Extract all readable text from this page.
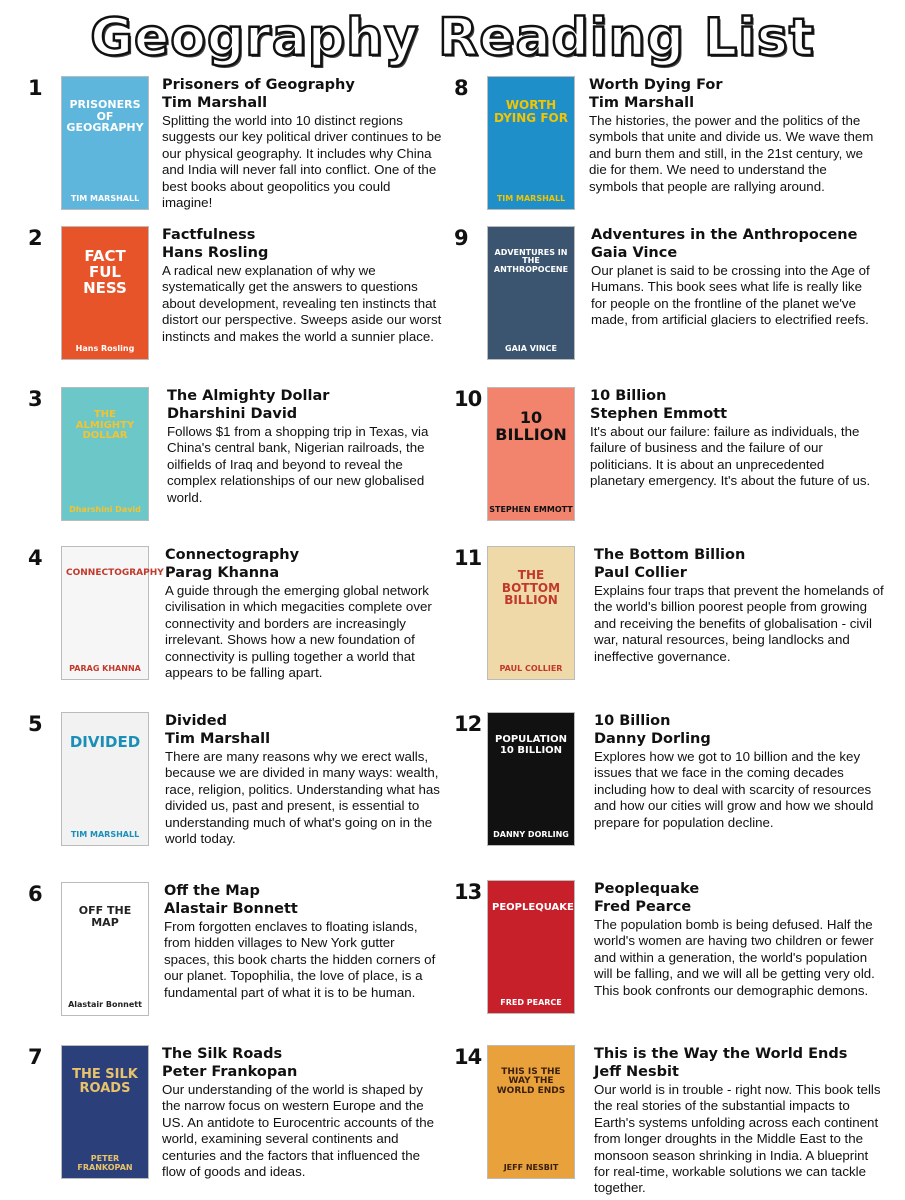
Geography Reading List
1
PRISONERS OF GEOGRAPHY
TIM MARSHALL
Prisoners of Geography
Tim Marshall
Splitting the world into 10 distinct regions suggests our key political driver continues to be our physical geography. It includes why China and India will never fall into conflict. One of the best books about geopolitics you could imagine!
2
FACT FUL NESS
Hans Rosling
Factfulness
Hans Rosling
A radical new explanation of why we systematically get the answers to questions about development, revealing ten instincts that distort our perspective. Sweeps aside our worst instincts and makes the world a sunnier place.
3
THE ALMIGHTY DOLLAR
Dharshini David
The Almighty Dollar
Dharshini David
Follows $1 from a shopping trip in Texas, via China's central bank, Nigerian railroads, the oilfields of Iraq and beyond to reveal the complex relationships of our new globalised world.
4
CONNECTOGRAPHY
PARAG KHANNA
Connectography
Parag Khanna
A guide through the emerging global network civilisation in which megacities complete over connectivity and borders are increasingly irrelevant. Shows how a new foundation of connectivity is pulling together a world that appears to be falling apart.
5
DIVIDED
TIM MARSHALL
Divided
Tim Marshall
There are many reasons why we erect walls, because we are divided in many ways: wealth, race, religion, politics. Understanding what has divided us, past and present, is essential to understanding much of what's going on in the world today.
6
OFF THE MAP
Alastair Bonnett
Off the Map
Alastair Bonnett
From forgotten enclaves to floating islands, from hidden villages to New York gutter spaces, this book charts the hidden corners of our planet. Topophilia, the love of place, is a fundamental part of what it is to be human.
7
THE SILK ROADS
PETER FRANKOPAN
The Silk Roads
Peter Frankopan
Our understanding of the world is shaped by the narrow focus on western Europe and the US. An antidote to Eurocentric accounts of the world, examining several continents and centuries and the factors that influenced the flow of goods and ideas.
8
WORTH DYING FOR
TIM MARSHALL
Worth Dying For
Tim Marshall
The histories, the power and the politics of the symbols that unite and divide us. We wave them and burn them and still, in the 21st century, we die for them. We need to understand the symbols that people are rallying around.
9
ADVENTURES IN THE ANTHROPOCENE
GAIA VINCE
Adventures in the Anthropocene
Gaia Vince
Our planet is said to be crossing into the Age of Humans. This book sees what life is really like for people on the frontline of the planet we've made, from artificial glaciers to electrified reefs.
10
10 BILLION
STEPHEN EMMOTT
10 Billion
Stephen Emmott
It's about our failure: failure as individuals, the failure of business and the failure of our politicians. It is about an unprecedented planetary emergency. It's about the future of us.
11
THE BOTTOM BILLION
PAUL COLLIER
The Bottom Billion
Paul Collier
Explains four traps that prevent the homelands of the world's billion poorest people from growing and receiving the benefits of globalisation - civil war, natural resources, being landlocks and ineffective governance.
12
POPULATION 10 BILLION
DANNY DORLING
10 Billion
Danny Dorling
Explores how we got to 10 billion and the key issues that we face in the coming decades including how to deal with scarcity of resources and how our cities will grow and how we should prepare for population decline.
13
PEOPLEQUAKE
FRED PEARCE
Peoplequake
Fred Pearce
The population bomb is being defused. Half the world's women are having two children or fewer and within a generation, the world's population will be falling, and we will all be getting very old. This book confronts our demographic demons.
14
THIS IS THE WAY THE WORLD ENDS
JEFF NESBIT
This is the Way the World Ends
Jeff Nesbit
Our world is in trouble - right now. This book tells the real stories of the substantial impacts to Earth's systems unfolding across each continent from longer droughts in the Middle East to the monsoon season shrinking in India. A blueprint for real-time, workable solutions we can tackle together.
